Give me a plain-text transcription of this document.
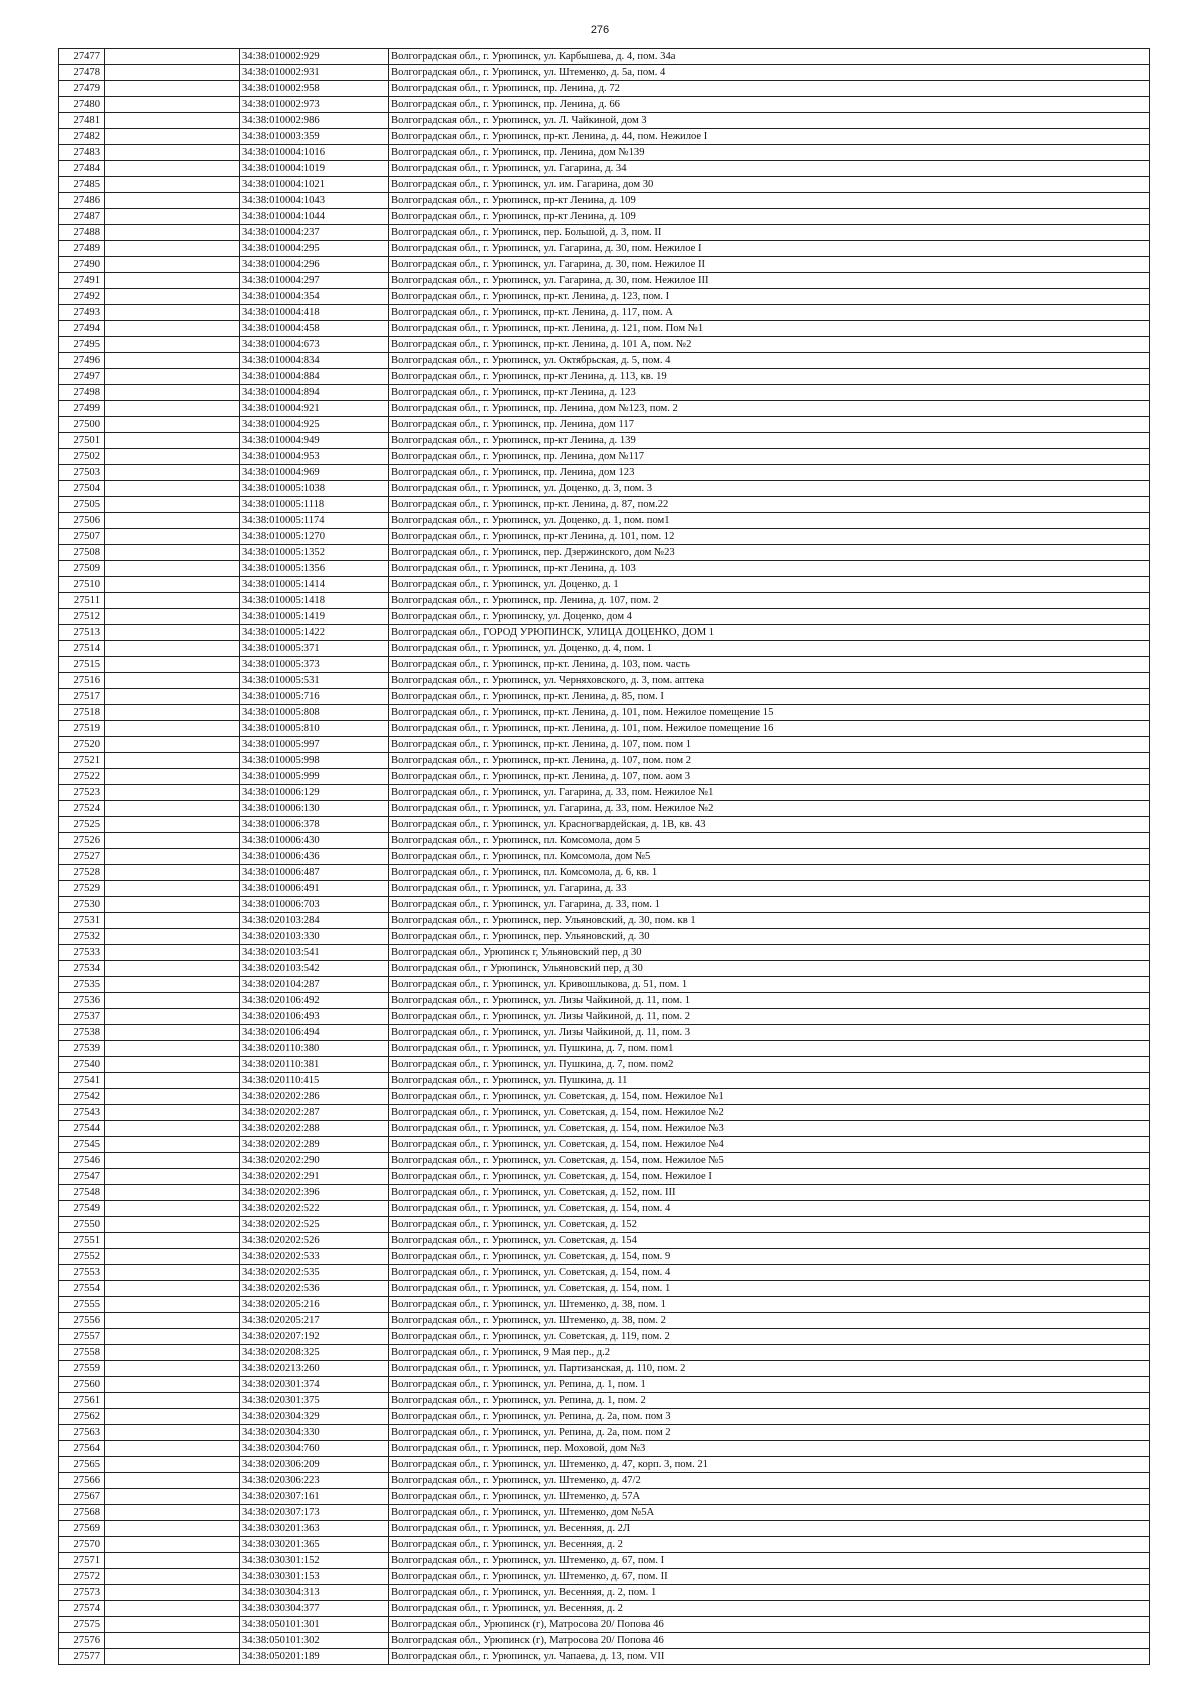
276
27477		34:38:010002:929	Волгоградская обл., г. Урюпинск, ул. Карбышева, д. 4, пом. 34а
27478		34:38:010002:931	Волгоградская обл., г. Урюпинск, ул. Штеменко, д. 5а, пом. 4
27479		34:38:010002:958	Волгоградская обл., г. Урюпинск, пр. Ленина, д. 72
27480		34:38:010002:973	Волгоградская обл., г. Урюпинск, пр. Ленина, д. 66
27481		34:38:010002:986	Волгоградская обл., г. Урюпинск, ул. Л. Чайкиной, дом 3
27482		34:38:010003:359	Волгоградская обл., г. Урюпинск, пр-кт. Ленина, д. 44, пом. Нежилое I
27483		34:38:010004:1016	Волгоградская обл., г. Урюпинск, пр. Ленина, дом №139
27484		34:38:010004:1019	Волгоградская обл., г. Урюпинск, ул. Гагарина, д. 34
27485		34:38:010004:1021	Волгоградская обл., г. Урюпинск, ул. им. Гагарина, дом 30
27486		34:38:010004:1043	Волгоградская обл., г. Урюпинск, пр-кт Ленина, д. 109
27487		34:38:010004:1044	Волгоградская обл., г. Урюпинск, пр-кт Ленина, д. 109
27488		34:38:010004:237	Волгоградская обл., г. Урюпинск, пер. Большой, д. 3, пом. II
27489		34:38:010004:295	Волгоградская обл., г. Урюпинск, ул. Гагарина, д. 30, пом. Нежилое I
27490		34:38:010004:296	Волгоградская обл., г. Урюпинск, ул. Гагарина, д. 30, пом. Нежилое II
27491		34:38:010004:297	Волгоградская обл., г. Урюпинск, ул. Гагарина, д. 30, пом. Нежилое III
27492		34:38:010004:354	Волгоградская обл., г. Урюпинск, пр-кт. Ленина, д. 123, пом. I
27493		34:38:010004:418	Волгоградская обл., г. Урюпинск, пр-кт. Ленина, д. 117, пом. А
27494		34:38:010004:458	Волгоградская обл., г. Урюпинск, пр-кт. Ленина, д. 121, пом. Пом №1
27495		34:38:010004:673	Волгоградская обл., г. Урюпинск, пр-кт. Ленина, д. 101 А, пом. №2
27496		34:38:010004:834	Волгоградская обл., г. Урюпинск, ул. Октябрьская, д. 5, пом. 4
27497		34:38:010004:884	Волгоградская обл., г. Урюпинск, пр-кт Ленина, д. 113, кв. 19
27498		34:38:010004:894	Волгоградская обл., г. Урюпинск, пр-кт Ленина, д. 123
27499		34:38:010004:921	Волгоградская обл., г. Урюпинск, пр. Ленина, дом №123, пом. 2
27500		34:38:010004:925	Волгоградская обл., г. Урюпинск, пр. Ленина, дом 117
27501		34:38:010004:949	Волгоградская обл., г. Урюпинск, пр-кт Ленина, д. 139
27502		34:38:010004:953	Волгоградская обл., г. Урюпинск, пр. Ленина, дом №117
27503		34:38:010004:969	Волгоградская обл., г. Урюпинск, пр. Ленина, дом 123
27504		34:38:010005:1038	Волгоградская обл., г. Урюпинск, ул. Доценко, д. 3, пом. 3
27505		34:38:010005:1118	Волгоградская обл., г. Урюпинск, пр-кт. Ленина, д. 87, пом.22
27506		34:38:010005:1174	Волгоградская обл., г. Урюпинск, ул. Доценко, д. 1, пом. пом1
27507		34:38:010005:1270	Волгоградская обл., г. Урюпинск, пр-кт Ленина, д. 101, пом. 12
27508		34:38:010005:1352	Волгоградская обл., г. Урюпинск, пер. Дзержинского, дом №23
27509		34:38:010005:1356	Волгоградская обл., г. Урюпинск, пр-кт Ленина, д. 103
27510		34:38:010005:1414	Волгоградская обл., г. Урюпинск, ул. Доценко, д. 1
27511		34:38:010005:1418	Волгоградская обл., г. Урюпинск, пр. Ленина, д. 107, пом. 2
27512		34:38:010005:1419	Волгоградская обл., г. Урюпинску, ул. Доценко, дом 4
27513		34:38:010005:1422	Волгоградская обл., ГОРОД УРЮПИНСК, УЛИЦА ДОЦЕНКО, ДОМ 1
27514		34:38:010005:371	Волгоградская обл., г. Урюпинск, ул. Доценко, д. 4, пом. 1
27515		34:38:010005:373	Волгоградская обл., г. Урюпинск, пр-кт. Ленина, д. 103, пом. часть
27516		34:38:010005:531	Волгоградская обл., г. Урюпинск, ул. Черняховского, д. 3, пом. аптека
27517		34:38:010005:716	Волгоградская обл., г. Урюпинск, пр-кт. Ленина, д. 85, пом. I
27518		34:38:010005:808	Волгоградская обл., г. Урюпинск, пр-кт. Ленина, д. 101, пом. Нежилое помещение 15
27519		34:38:010005:810	Волгоградская обл., г. Урюпинск, пр-кт. Ленина, д. 101, пом. Нежилое помещение 16
27520		34:38:010005:997	Волгоградская обл., г. Урюпинск, пр-кт. Ленина, д. 107, пом. пом 1
27521		34:38:010005:998	Волгоградская обл., г. Урюпинск, пр-кт. Ленина, д. 107, пом. пом 2
27522		34:38:010005:999	Волгоградская обл., г. Урюпинск, пр-кт. Ленина, д. 107, пом. аом 3
27523		34:38:010006:129	Волгоградская обл., г. Урюпинск, ул. Гагарина, д. 33, пом. Нежилое №1
27524		34:38:010006:130	Волгоградская обл., г. Урюпинск, ул. Гагарина, д. 33, пом. Нежилое №2
27525		34:38:010006:378	Волгоградская обл., г. Урюпинск, ул. Красногвардейская, д. 1В, кв. 43
27526		34:38:010006:430	Волгоградская обл., г. Урюпинск, пл. Комсомола, дом 5
27527		34:38:010006:436	Волгоградская обл., г. Урюпинск, пл. Комсомола, дом №5
27528		34:38:010006:487	Волгоградская обл., г. Урюпинск, пл. Комсомола, д. 6, кв. 1
27529		34:38:010006:491	Волгоградская обл., г. Урюпинск, ул. Гагарина, д. 33
27530		34:38:010006:703	Волгоградская обл., г. Урюпинск, ул. Гагарина, д. 33, пом. 1
27531		34:38:020103:284	Волгоградская обл., г. Урюпинск, пер. Ульяновский, д. 30, пом. кв 1
27532		34:38:020103:330	Волгоградская обл., г. Урюпинск, пер. Ульяновский, д. 30
27533		34:38:020103:541	Волгоградская обл., Урюпинск г, Ульяновский пер, д 30
27534		34:38:020103:542	Волгоградская обл., г Урюпинск, Ульяновский пер, д 30
27535		34:38:020104:287	Волгоградская обл., г. Урюпинск, ул. Кривошлыкова, д. 51, пом. 1
27536		34:38:020106:492	Волгоградская обл., г. Урюпинск, ул. Лизы Чайкиной, д. 11, пом. 1
27537		34:38:020106:493	Волгоградская обл., г. Урюпинск, ул. Лизы Чайкиной, д. 11, пом. 2
27538		34:38:020106:494	Волгоградская обл., г. Урюпинск, ул. Лизы Чайкиной, д. 11, пом. 3
27539		34:38:020110:380	Волгоградская обл., г. Урюпинск, ул. Пушкина, д. 7, пом. пом1
27540		34:38:020110:381	Волгоградская обл., г. Урюпинск, ул. Пушкина, д. 7, пом. пом2
27541		34:38:020110:415	Волгоградская обл., г. Урюпинск, ул. Пушкина, д. 11
27542		34:38:020202:286	Волгоградская обл., г. Урюпинск, ул. Советская, д. 154, пом. Нежилое №1
27543		34:38:020202:287	Волгоградская обл., г. Урюпинск, ул. Советская, д. 154, пом. Нежилое №2
27544		34:38:020202:288	Волгоградская обл., г. Урюпинск, ул. Советская, д. 154, пом. Нежилое №3
27545		34:38:020202:289	Волгоградская обл., г. Урюпинск, ул. Советская, д. 154, пом. Нежилое №4
27546		34:38:020202:290	Волгоградская обл., г. Урюпинск, ул. Советская, д. 154, пом. Нежилое №5
27547		34:38:020202:291	Волгоградская обл., г. Урюпинск, ул. Советская, д. 154, пом. Нежилое I
27548		34:38:020202:396	Волгоградская обл., г. Урюпинск, ул. Советская, д. 152, пом. III
27549		34:38:020202:522	Волгоградская обл., г. Урюпинск, ул. Советская, д. 154, пом. 4
27550		34:38:020202:525	Волгоградская обл., г. Урюпинск, ул. Советская, д. 152
27551		34:38:020202:526	Волгоградская обл., г. Урюпинск, ул. Советская, д. 154
27552		34:38:020202:533	Волгоградская обл., г. Урюпинск, ул. Советская, д. 154, пом. 9
27553		34:38:020202:535	Волгоградская обл., г. Урюпинск, ул. Советская, д. 154, пом. 4
27554		34:38:020202:536	Волгоградская обл., г. Урюпинск, ул. Советская, д. 154, пом. 1
27555		34:38:020205:216	Волгоградская обл., г. Урюпинск, ул. Штеменко, д. 38, пом. 1
27556		34:38:020205:217	Волгоградская обл., г. Урюпинск, ул. Штеменко, д. 38, пом. 2
27557		34:38:020207:192	Волгоградская обл., г. Урюпинск, ул. Советская, д. 119, пом. 2
27558		34:38:020208:325	Волгоградская обл., г. Урюпинск, 9 Мая пер., д.2
27559		34:38:020213:260	Волгоградская обл., г. Урюпинск, ул. Партизанская, д. 110, пом. 2
27560		34:38:020301:374	Волгоградская обл., г. Урюпинск, ул. Репина, д. 1, пом. 1
27561		34:38:020301:375	Волгоградская обл., г. Урюпинск, ул. Репина, д. 1, пом. 2
27562		34:38:020304:329	Волгоградская обл., г. Урюпинск, ул. Репина, д. 2а, пом. пом 3
27563		34:38:020304:330	Волгоградская обл., г. Урюпинск, ул. Репина, д. 2а, пом. пом 2
27564		34:38:020304:760	Волгоградская обл., г. Урюпинск, пер. Моховой, дом №3
27565		34:38:020306:209	Волгоградская обл., г. Урюпинск, ул. Штеменко, д. 47, корп. 3, пом. 21
27566		34:38:020306:223	Волгоградская обл., г. Урюпинск, ул. Штеменко, д. 47/2
27567		34:38:020307:161	Волгоградская обл., г. Урюпинск, ул. Штеменко, д. 57А
27568		34:38:020307:173	Волгоградская обл., г. Урюпинск, ул. Штеменко, дом №5А
27569		34:38:030201:363	Волгоградская обл., г. Урюпинск, ул. Весенняя, д. 2Л
27570		34:38:030201:365	Волгоградская обл., г. Урюпинск, ул. Весенняя, д. 2
27571		34:38:030301:152	Волгоградская обл., г. Урюпинск, ул. Штеменко, д. 67, пом. I
27572		34:38:030301:153	Волгоградская обл., г. Урюпинск, ул. Штеменко, д. 67, пом. II
27573		34:38:030304:313	Волгоградская обл., г. Урюпинск, ул. Весенняя, д. 2, пом. 1
27574		34:38:030304:377	Волгоградская обл., г. Урюпинск, ул. Весенняя, д. 2
27575		34:38:050101:301	Волгоградская обл., Урюпинск (г), Матросова 20/ Попова 46
27576		34:38:050101:302	Волгоградская обл., Урюпинск (г), Матросова 20/ Попова 46
27577		34:38:050201:189	Волгоградская обл., г. Урюпинск, ул. Чапаева, д. 13, пом. VII
